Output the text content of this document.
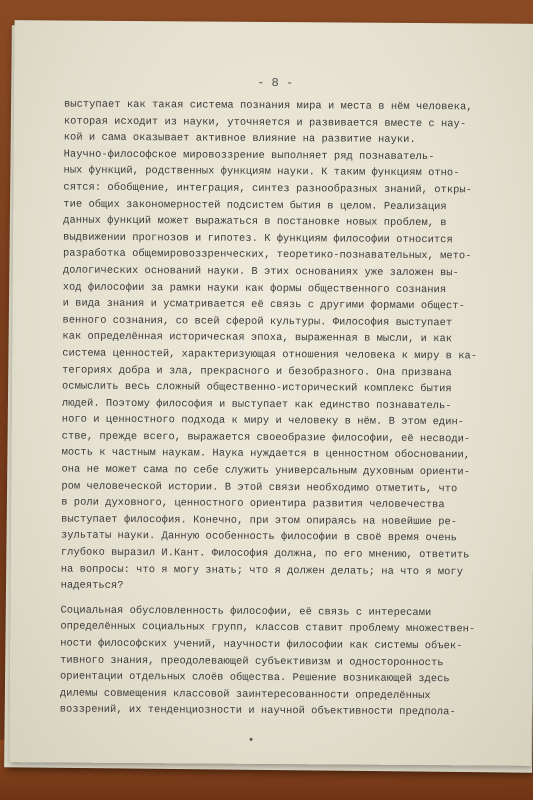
- 8 -
выступает как такая система познания мира и места в нём человека,
которая исходит из науки, уточняется и развивается вместе с нау-
кой и сама оказывает активное влияние на развитие науки.
Научно-философское мировоззрение выполняет ряд познаватель-
ных функций, родственных функциям науки. К таким функциям отно-
сятся: обобщение, интеграция, синтез разнообразных знаний, откры-
тие общих закономерностей подсистем бытия в целом. Реализация
данных функций может выражаться в постановке новых проблем, в
выдвижении прогнозов и гипотез. К функциям философии относится
разработка общемировоззренческих, теоретико-познавательных, мето-
дологических оснований науки. В этих основаниях уже заложен вы-
ход философии за рамки науки как формы общественного сознания
и вида знания и усматривается её связь с другими формами общест-
венного сознания, со всей сферой культуры. Философия выступает
как определённая историческая эпоха, выраженная в мысли, и как
система ценностей, характеризующая отношения человека к миру в ка-
тегориях добра и зла, прекрасного и безобразного. Она призвана
осмыслить весь сложный общественно-исторический комплекс бытия
людей. Поэтому философия и выступает как единство познаватель-
ного и ценностного подхода к миру и человеку в нём. В этом един-
стве, прежде всего, выражается своеобразие философии, её несводи-
мость к частным наукам. Наука нуждается в ценностном обосновании,
она не может сама по себе служить универсальным духовным ориенти-
ром человеческой истории. В этой связи необходимо отметить, что
в роли духовного, ценностного ориентира развития человечества
выступает философия. Конечно, при этом опираясь на новейшие ре-
зультаты науки. Данную особенность философии в своё время очень
глубоко выразил И.Кант. Философия должна, по его мнению, ответить
на вопросы: что я могу знать; что я должен делать; на что я могу
надеяться?
Социальная обусловленность философии, её связь с интересами
определённых социальных групп, классов ставит проблему множествен-
ности философских учений, научности философии как системы объек-
тивного знания, преодолевающей субъективизм и односторонность
ориентации отдельных слоёв общества. Решение возникающей здесь
дилемы совмещения классовой заинтересованности определённых
воззрений, их тенденциозности и научной объективности предпола-
